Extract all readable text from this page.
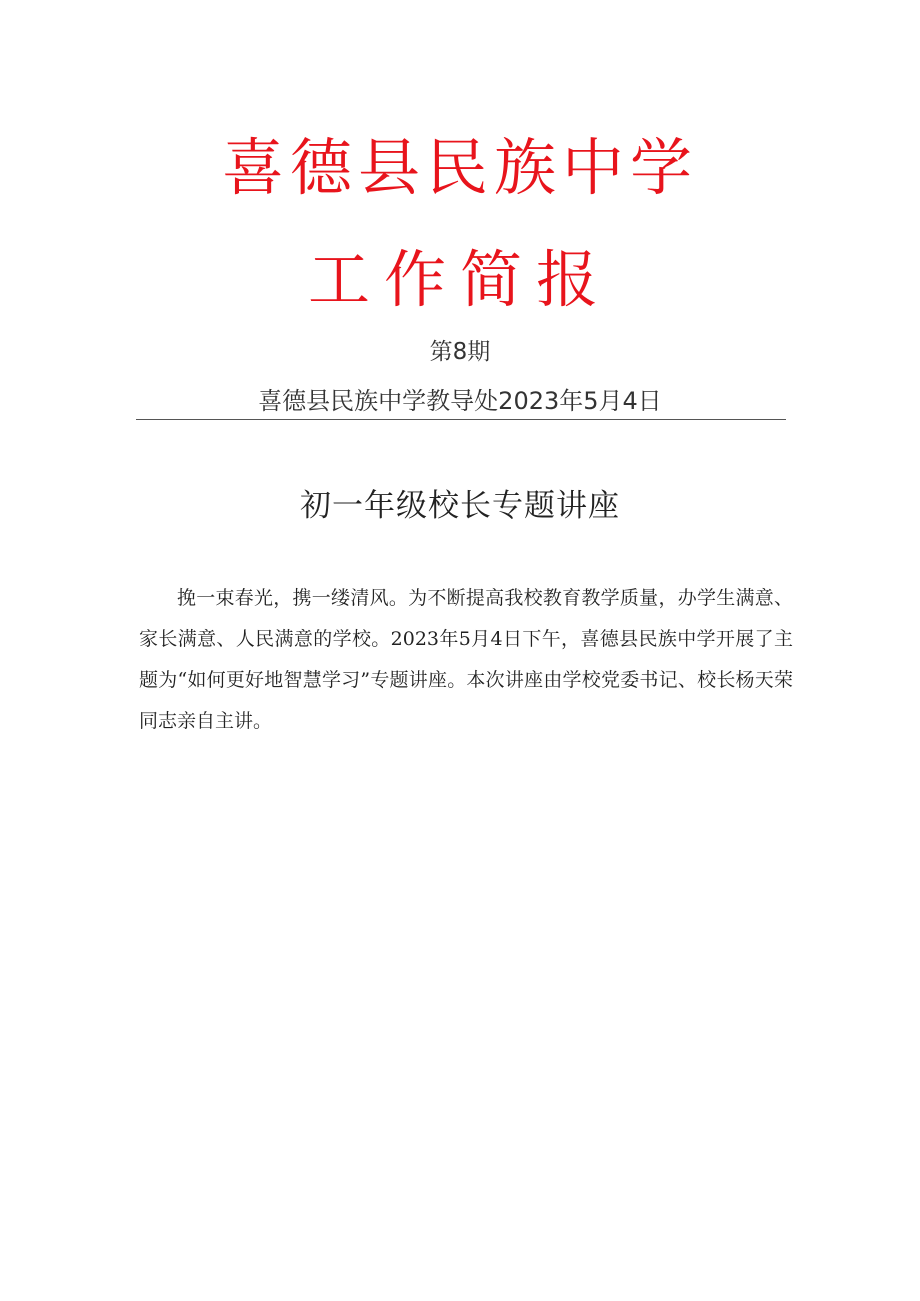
喜德县民族中学
工作简报
第8期
喜德县民族中学教导处2023年5月4日
初一年级校长专题讲座

挽一束春光，携一缕清风。为不断提高我校教育教学质量，办学生满意、家长满意、人民满意的学校。2023年5月4日下午，喜德县民族中学开展了主题为“如何更好地智慧学习”专题讲座。本次讲座由学校党委书记、校长杨天荣同志亲自主讲。
